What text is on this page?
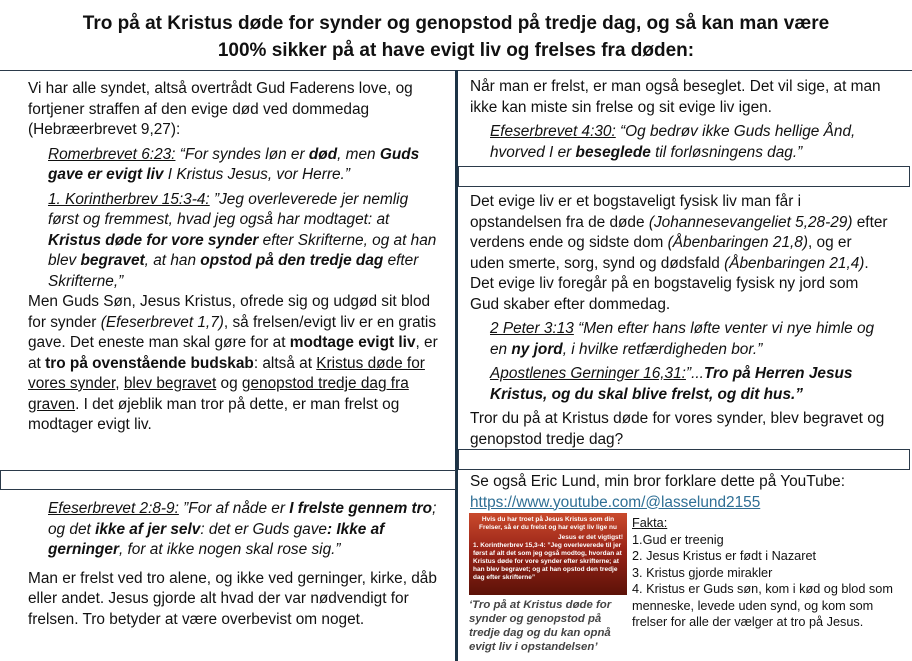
Tro på at Kristus døde for synder og genopstod på tredje dag, og så kan man være
100% sikker på at have evigt liv og frelses fra døden:

Vi har alle syndet, altså overtrådt Gud Faderens love, og fortjener straffen af den evige død ved dommedag (Hebræerbrevet 9,27):

Romerbrevet 6:23: “For syndes løn er død, men Guds gave er evigt liv I Kristus Jesus, vor Herre.”

1. Korintherbrev 15:3-4: ”Jeg overleverede jer nemlig først og fremmest, hvad jeg også har modtaget: at Kristus døde for vore synder efter Skrifterne, og at han blev begravet, at han opstod på den tredje dag efter Skrifterne,”

Men Guds Søn, Jesus Kristus, ofrede sig og udgød sit blod for synder (Efeserbrevet 1,7), så frelsen/evigt liv er en gratis gave. Det eneste man skal gøre for at modtage evigt liv, er at tro på ovenstående budskab: altså at Kristus døde for vores synder, blev begravet og genopstod tredje dag fra graven. I det øjeblik man tror på dette, er man frelst og modtager evigt liv.

Efeserbrevet 2:8-9: ”For af nåde er I frelste gennem tro; og det ikke af jer selv: det er Guds gave: Ikke af gerninger, for at ikke nogen skal rose sig.”

Man er frelst ved tro alene, og ikke ved gerninger, kirke, dåb eller andet. Jesus gjorde alt hvad der var nødvendigt for frelsen. Tro betyder at være overbevist om noget.

Når man er frelst, er man også beseglet. Det vil sige, at man ikke kan miste sin frelse og sit evige liv igen.

Efeserbrevet 4:30: “Og bedrøv ikke Guds hellige Ånd, hvorved I er beseglede til forløsningens dag.”

Det evige liv er et bogstaveligt fysisk liv man får i opstandelsen fra de døde (Johannesevangeliet 5,28-29) efter verdens ende og sidste dom (Åbenbaringen 21,8), og er uden smerte, sorg, synd og dødsfald (Åbenbaringen 21,4). Det evige liv foregår på en bogstavelig fysisk ny jord som Gud skaber efter dommedag.

2 Peter 3:13 “Men efter hans løfte venter vi nye himle og en ny jord, i hvilke retfærdigheden bor.”

Apostlenes Gerninger 16,31:”...Tro på Herren Jesus Kristus, og du skal blive frelst, og dit hus.”

Tror du på at Kristus døde for vores synder, blev begravet og genopstod tredje dag?

Se også Eric Lund, min bror forklare dette på YouTube:

https://www.youtube.com/@lasselund2155

Hvis du har troet på Jesus Kristus som din Frelser, så er du frelst og har evigt liv lige nu
Jesus er det vigtigst!
1. Korintherbrev 15,3-4: ”Jeg overleverede til jer først af alt det som jeg også modtog, hvordan at Kristus døde for vore synder efter skrifterne; at han blev begravet; og at han opstod den tredje dag efter skrifterne”
‘Tro på at Kristus døde for synder og genopstod på tredje dag og du kan opnå evigt liv i opstandelsen’
Fakta:
1.Gud er treenig
2. Jesus Kristus er født i Nazaret
3. Kristus gjorde mirakler
4. Kristus er Guds søn, kom i kød og blod som menneske, levede uden synd, og kom som frelser for alle der vælger at tro på Jesus.
